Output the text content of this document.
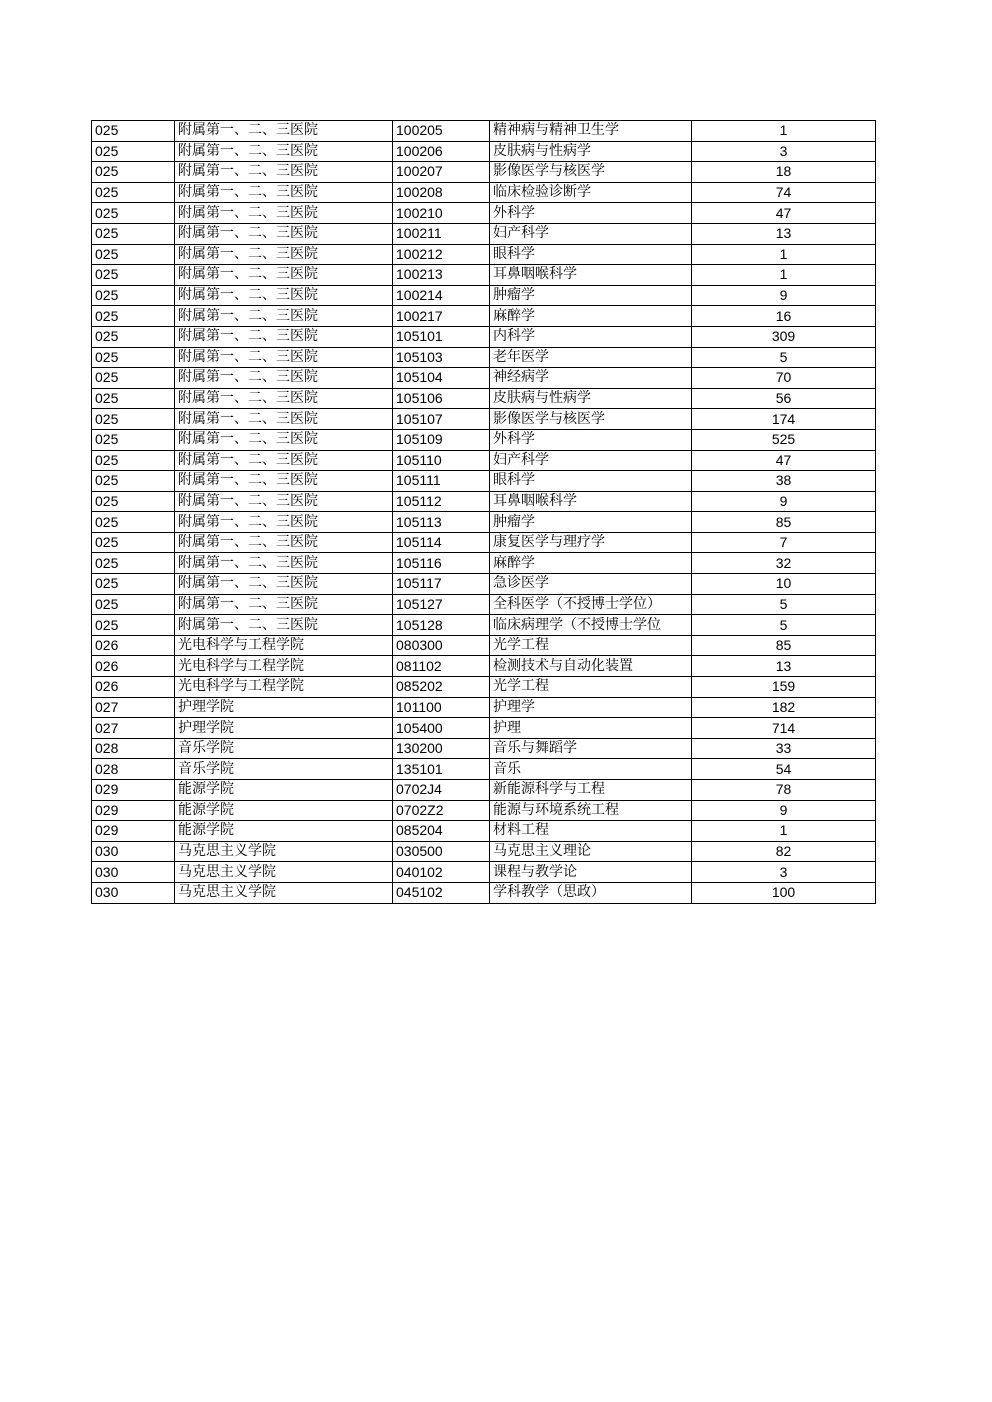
025	附属第一、二、三医院	100205	精神病与精神卫生学	1
025	附属第一、二、三医院	100206	皮肤病与性病学	3
025	附属第一、二、三医院	100207	影像医学与核医学	18
025	附属第一、二、三医院	100208	临床检验诊断学	74
025	附属第一、二、三医院	100210	外科学	47
025	附属第一、二、三医院	100211	妇产科学	13
025	附属第一、二、三医院	100212	眼科学	1
025	附属第一、二、三医院	100213	耳鼻咽喉科学	1
025	附属第一、二、三医院	100214	肿瘤学	9
025	附属第一、二、三医院	100217	麻醉学	16
025	附属第一、二、三医院	105101	内科学	309
025	附属第一、二、三医院	105103	老年医学	5
025	附属第一、二、三医院	105104	神经病学	70
025	附属第一、二、三医院	105106	皮肤病与性病学	56
025	附属第一、二、三医院	105107	影像医学与核医学	174
025	附属第一、二、三医院	105109	外科学	525
025	附属第一、二、三医院	105110	妇产科学	47
025	附属第一、二、三医院	105111	眼科学	38
025	附属第一、二、三医院	105112	耳鼻咽喉科学	9
025	附属第一、二、三医院	105113	肿瘤学	85
025	附属第一、二、三医院	105114	康复医学与理疗学	7
025	附属第一、二、三医院	105116	麻醉学	32
025	附属第一、二、三医院	105117	急诊医学	10
025	附属第一、二、三医院	105127	全科医学（不授博士学位）	5
025	附属第一、二、三医院	105128	临床病理学（不授博士学位	5
026	光电科学与工程学院	080300	光学工程	85
026	光电科学与工程学院	081102	检测技术与自动化装置	13
026	光电科学与工程学院	085202	光学工程	159
027	护理学院	101100	护理学	182
027	护理学院	105400	护理	714
028	音乐学院	130200	音乐与舞蹈学	33
028	音乐学院	135101	音乐	54
029	能源学院	0702J4	新能源科学与工程	78
029	能源学院	0702Z2	能源与环境系统工程	9
029	能源学院	085204	材料工程	1
030	马克思主义学院	030500	马克思主义理论	82
030	马克思主义学院	040102	课程与教学论	3
030	马克思主义学院	045102	学科教学（思政）	100
